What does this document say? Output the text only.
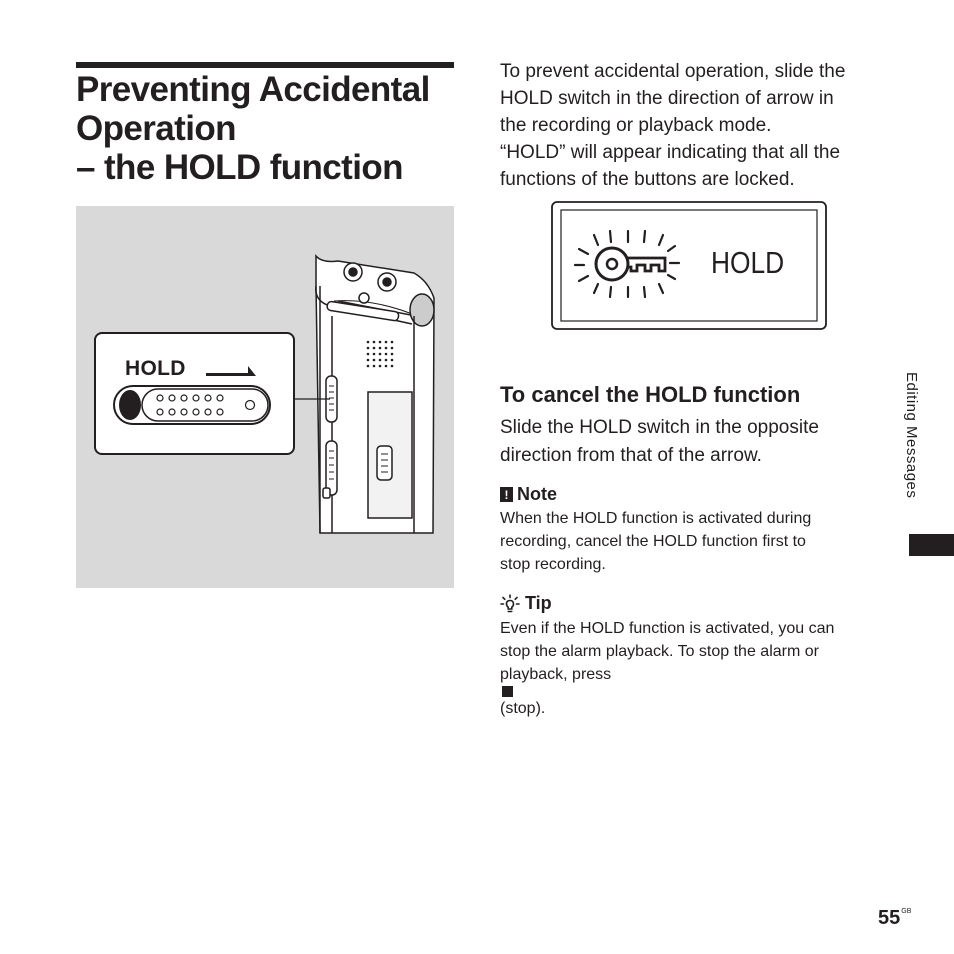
Preventing Accidental
Operation
– the HOLD function
HOLD

To prevent accidental operation, slide the
HOLD switch in the direction of arrow in
the recording or playback mode.
“HOLD” will appear indicating that all the
functions of the buttons are locked.

HOLD
To cancel the HOLD function

Slide the HOLD switch in the opposite
direction from that of the arrow.

! Note

When the HOLD function is activated during
recording, cancel the HOLD function first to
stop recording.

Tip

Even if the HOLD function is activated, you can
stop the alarm playback. To stop the alarm or
playback, press
(stop).

Editing Messages
$55^{GB}$
